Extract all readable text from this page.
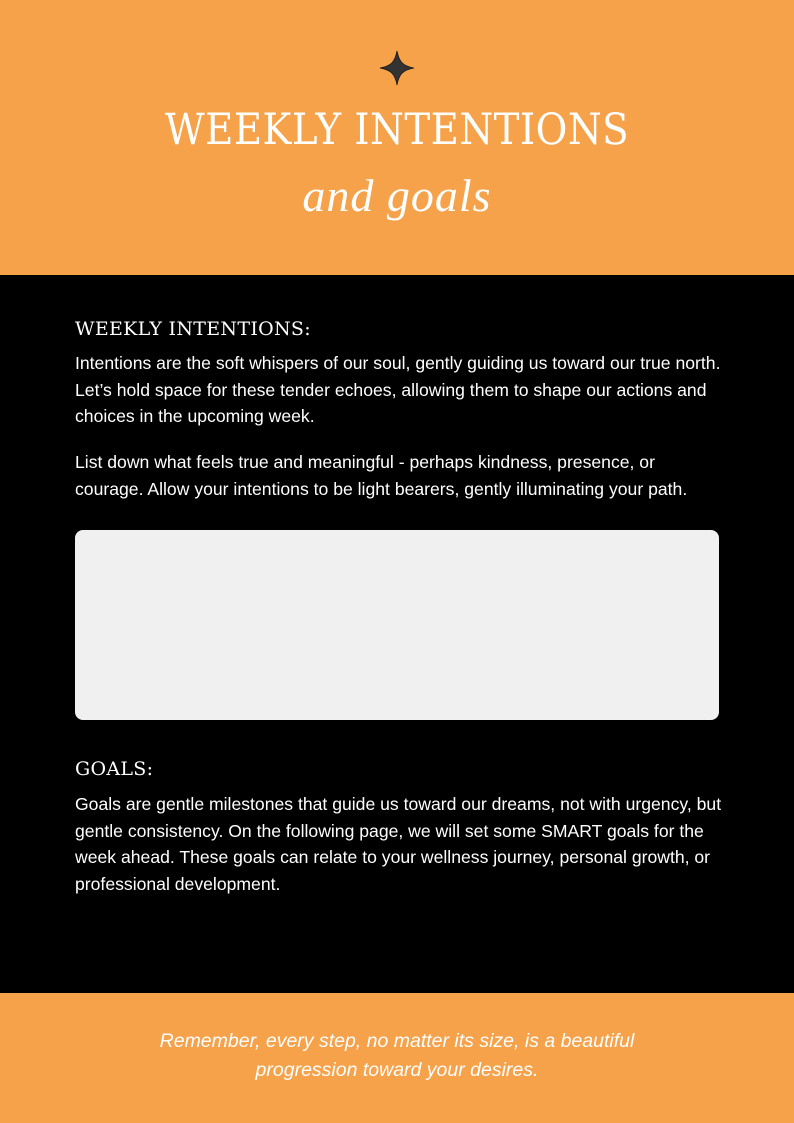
WEEKLY INTENTIONS
and goals
WEEKLY INTENTIONS:

Intentions are the soft whispers of our soul, gently guiding us toward our true north. Let’s hold space for these tender echoes, allowing them to shape our actions and choices in the upcoming week.

List down what feels true and meaningful - perhaps kindness, presence, or courage. Allow your intentions to be light bearers, gently illuminating your path.

GOALS:

Goals are gentle milestones that guide us toward our dreams, not with urgency, but gentle consistency. On the following page, we will set some SMART goals for the week ahead. These goals can relate to your wellness journey, personal growth, or professional development.

Remember, every step, no matter its size, is a beautiful
progression toward your desires.
